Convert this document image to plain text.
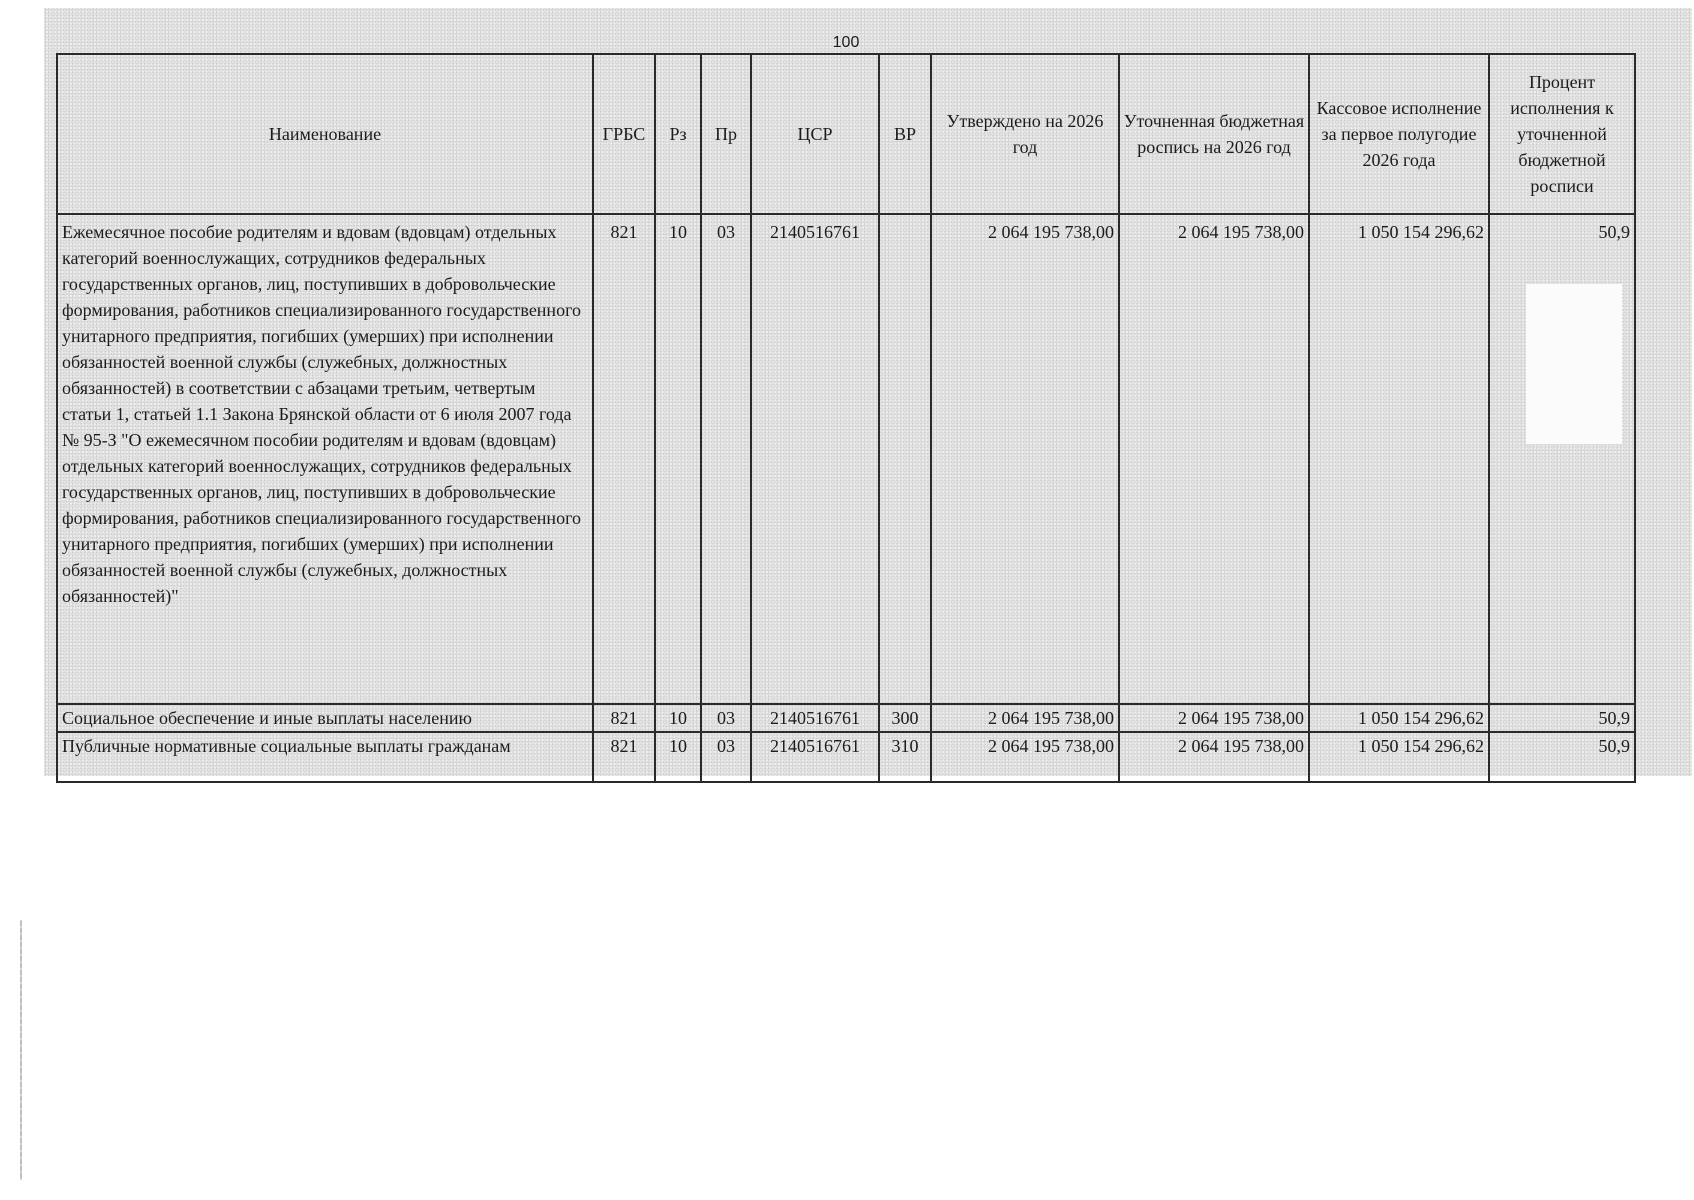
100
Наименование	ГРБС	Рз	Пр	ЦСР	ВР	Утверждено на 2026 год	Уточненная бюджетная роспись на 2026 год	Кассовое исполнение за первое полугодие 2026 года	Процент исполнения к уточненной бюджетной росписи
Ежемесячное пособие родителям и вдовам (вдовцам) отдельных категорий военнослужащих, сотрудников федеральных государственных органов, лиц, поступивших в добровольческие формирования, работников специализированного государственного унитарного предприятия, погибших (умерших) при исполнении обязанностей военной службы (служебных, должностных обязанностей) в соответствии с абзацами третьим, четвертым статьи 1, статьей 1.1 Закона Брянской области от 6 июля 2007 года № 95-З "О ежемесячном пособии родителям и вдовам (вдовцам) отдельных категорий военнослужащих, сотрудников федеральных государственных органов, лиц, поступивших в добровольческие формирования, работников специализированного государственного унитарного предприятия, погибших (умерших) при исполнении обязанностей военной службы (служебных, должностных обязанностей)"	821	10	03	2140516761		2 064 195 738,00	2 064 195 738,00	1 050 154 296,62	50,9
Социальное обеспечение и иные выплаты населению	821	10	03	2140516761	300	2 064 195 738,00	2 064 195 738,00	1 050 154 296,62	50,9
Публичные нормативные социальные выплаты гражданам	821	10	03	2140516761	310	2 064 195 738,00	2 064 195 738,00	1 050 154 296,62	50,9
